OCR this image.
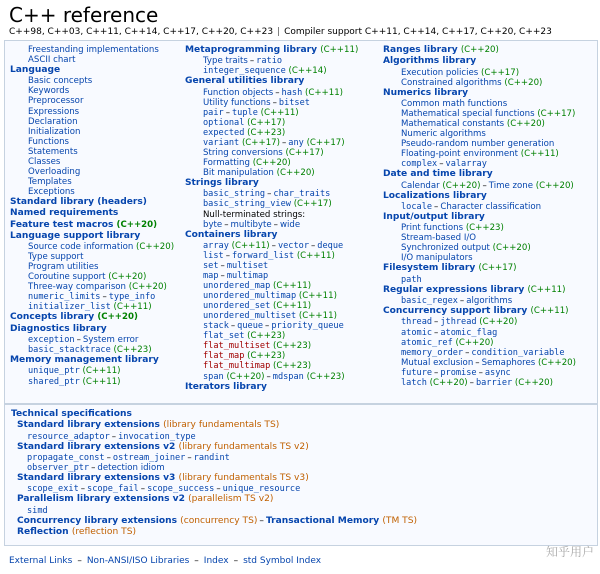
C++ reference
C++98, C++03, C++11, C++14, C++17, C++20, C++23 | Compiler support C++11, C++14, C++17, C++20, C++23
Freestanding implementations
ASCII chart
Language
Basic concepts
Keywords
Preprocessor
Expressions
Declaration
Initialization
Functions
Statements
Classes
Overloading
Templates
Exceptions
Standard library (headers)
Named requirements
Feature test macros (C++20)
Language support library
Source code information (C++20)
Type support
Program utilities
Coroutine support (C++20)
Three-way comparison (C++20)
numeric_limits – type_info
initializer_list (C++11)
Concepts library (C++20)
Diagnostics library
exception – System error
basic_stacktrace (C++23)
Memory management library
unique_ptr (C++11)
shared_ptr (C++11)
Metaprogramming library (C++11)
Type traits – ratio
integer_sequence (C++14)
General utilities library
Function objects – hash (C++11)
Utility functions – bitset
pair – tuple (C++11)
optional (C++17)
expected (C++23)
variant (C++17) – any (C++17)
String conversions (C++17)
Formatting (C++20)
Bit manipulation (C++20)
Strings library
basic_string – char_traits
basic_string_view (C++17)
Null-terminated strings:
byte – multibyte – wide
Containers library
array (C++11) – vector – deque
list – forward_list (C++11)
set – multiset
map – multimap
unordered_map (C++11)
unordered_multimap (C++11)
unordered_set (C++11)
unordered_multiset (C++11)
stack – queue – priority_queue
flat_set (C++23)
flat_multiset (C++23)
flat_map (C++23)
flat_multimap (C++23)
span (C++20) – mdspan (C++23)
Iterators library
Ranges library (C++20)
Algorithms library
Execution policies (C++17)
Constrained algorithms (C++20)
Numerics library
Common math functions
Mathematical special functions (C++17)
Mathematical constants (C++20)
Numeric algorithms
Pseudo-random number generation
Floating-point environment (C++11)
complex – valarray
Date and time library
Calendar (C++20) – Time zone (C++20)
Localizations library
locale – Character classification
Input/output library
Print functions (C++23)
Stream-based I/O
Synchronized output (C++20)
I/O manipulators
Filesystem library (C++17)
path
Regular expressions library (C++11)
basic_regex – algorithms
Concurrency support library (C++11)
thread – jthread (C++20)
atomic – atomic_flag
atomic_ref (C++20)
memory_order – condition_variable
Mutual exclusion – Semaphores (C++20)
future – promise – async
latch (C++20) – barrier (C++20)
Technical specifications
Standard library extensions (library fundamentals TS)
resource_adaptor – invocation_type
Standard library extensions v2 (library fundamentals TS v2)
propagate_const – ostream_joiner – randint
observer_ptr – detection idiom
Standard library extensions v3 (library fundamentals TS v3)
scope_exit – scope_fail – scope_success – unique_resource
Parallelism library extensions v2 (parallelism TS v2)
simd
Concurrency library extensions (concurrency TS) – Transactional Memory (TM TS)
Reflection (reflection TS)
External Links – Non-ANSI/ISO Libraries – Index – std Symbol Index
知乎用户
